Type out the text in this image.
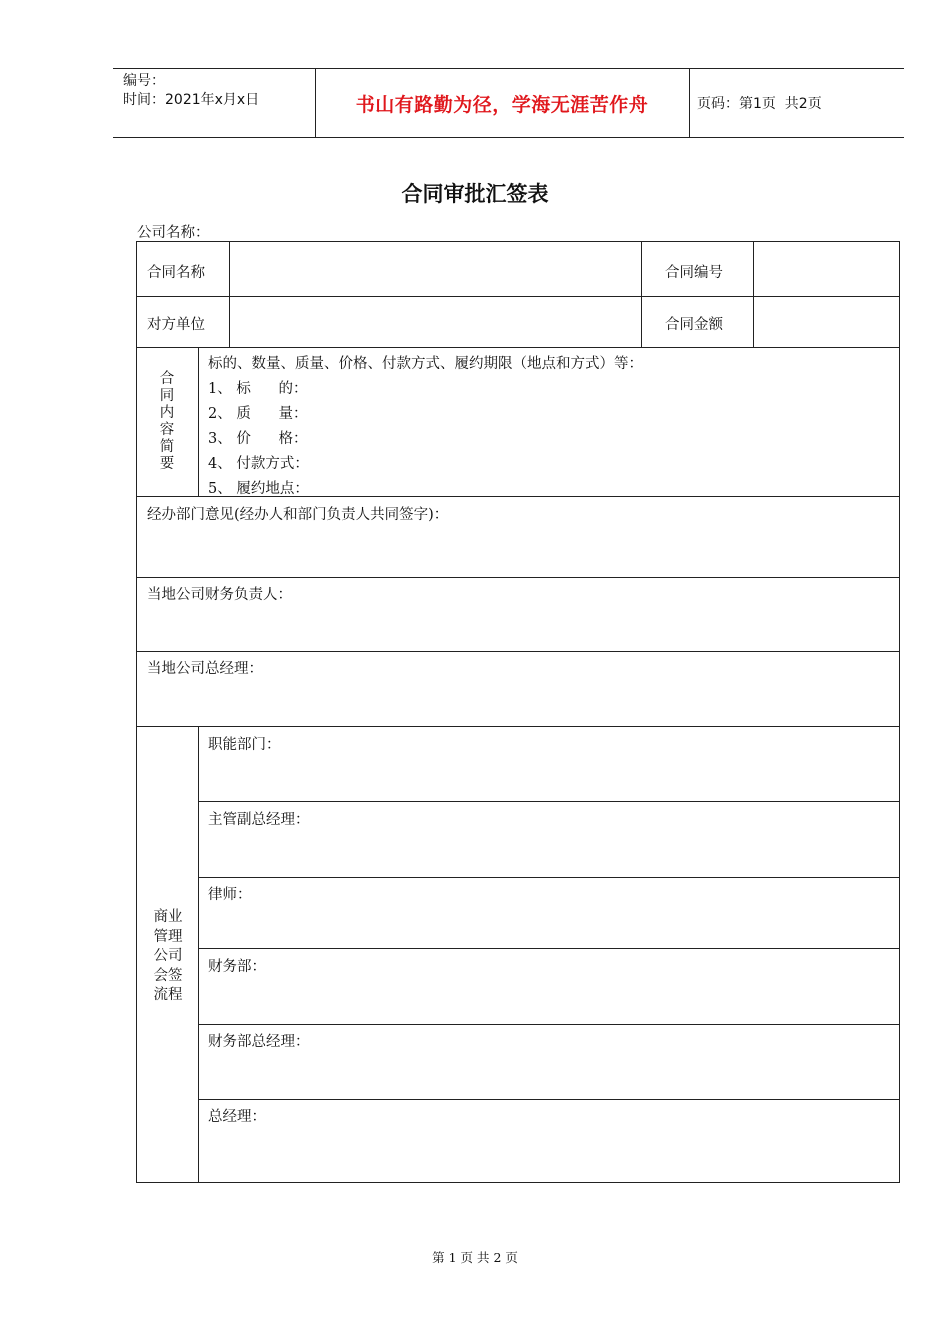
编号：
时间：2021年x月x日	书山有路勤为径，学海无涯苦作舟	页码：第1页  共2页
合同审批汇签表
公司名称：
合同名称	合同编号
对方单位	合同金额
合同内容简要
标的、数量、质量、价格、付款方式、履约期限（地点和方式）等：
1、 标      的：
2、 质      量：
3、 价      格：
4、 付款方式：
5、 履约地点：
经办部门意见(经办人和部门负责人共同签字)：
当地公司财务负责人：
当地公司总经理：
商业管理公司会签流程
职能部门：
主管副总经理：
律师：
财务部：
财务部总经理：
总经理：
第 1 页 共 2 页
